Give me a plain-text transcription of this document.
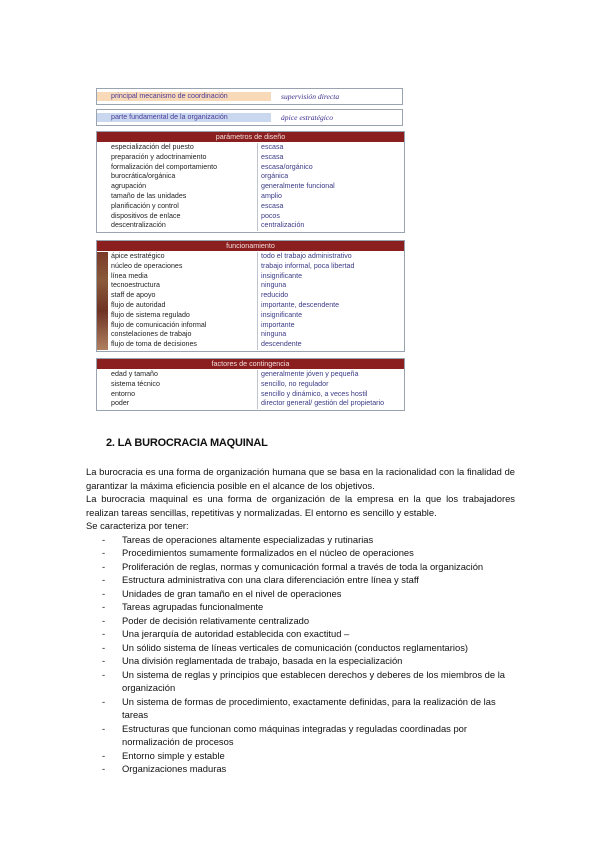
principal mecanismo de coordinación	supervisión directa
parte fundamental de la organización	ápice estratégico
parámetros de diseño
especialización del puesto
preparación y adoctrinamiento
formalización del comportamiento
burocrática/orgánica
agrupación
tamaño de las unidades
planificación y control
dispositivos de enlace
descentralización
escasa
escasa
escasa/orgánico
orgánica
generalmente funcional
amplio
escasa
pocos
centralización
funcionamiento
ápice estratégico
núcleo de operaciones
línea media
tecnoestructura
staff de apoyo
flujo de autoridad
flujo de sistema regulado
flujo de comunicación informal
constelaciones de trabajo
flujo de toma de decisiones
todo el trabajo administrativo
trabajo informal, poca libertad
insignificante
ninguna
reducido
importante, descendente
insignificante
importante
ninguna
descendente
factores de contingencia
edad y tamaño
sistema técnico
entorno
poder
generalmente jóven y pequeña
sencillo, no regulador
sencillo y dinámico, a veces hostil
director general/ gestión del propietario
2. LA BUROCRACIA MAQUINAL
La burocracia es una forma de organización humana que se basa en la racionalidad con la finalidad de garantizar la máxima eficiencia posible en el alcance de los objetivos.
La burocracia maquinal es una forma de organización de la empresa en la que los trabajadores realizan tareas sencillas, repetitivas y normalizadas. El entorno es sencillo y estable.
Se caracteriza por tener:
- Tareas de operaciones altamente especializadas y rutinarias
- Procedimientos sumamente formalizados en el núcleo de operaciones
- Proliferación de reglas, normas y comunicación formal a través de toda la organización
- Estructura administrativa con una clara diferenciación entre línea y staff
- Unidades de gran tamaño en el nivel de operaciones
- Tareas agrupadas funcionalmente
- Poder de decisión relativamente centralizado
- Una jerarquía de autoridad establecida con exactitud –
- Un sólido sistema de líneas verticales de comunicación (conductos reglamentarios)
- Una división reglamentada de trabajo, basada en la especialización
- Un sistema de reglas y principios que establecen derechos y deberes de los miembros de la organización
- Un sistema de formas de procedimiento, exactamente definidas, para la realización de las tareas
- Estructuras que funcionan como máquinas integradas y reguladas coordinadas por normalización de procesos
- Entorno simple y estable
- Organizaciones maduras
